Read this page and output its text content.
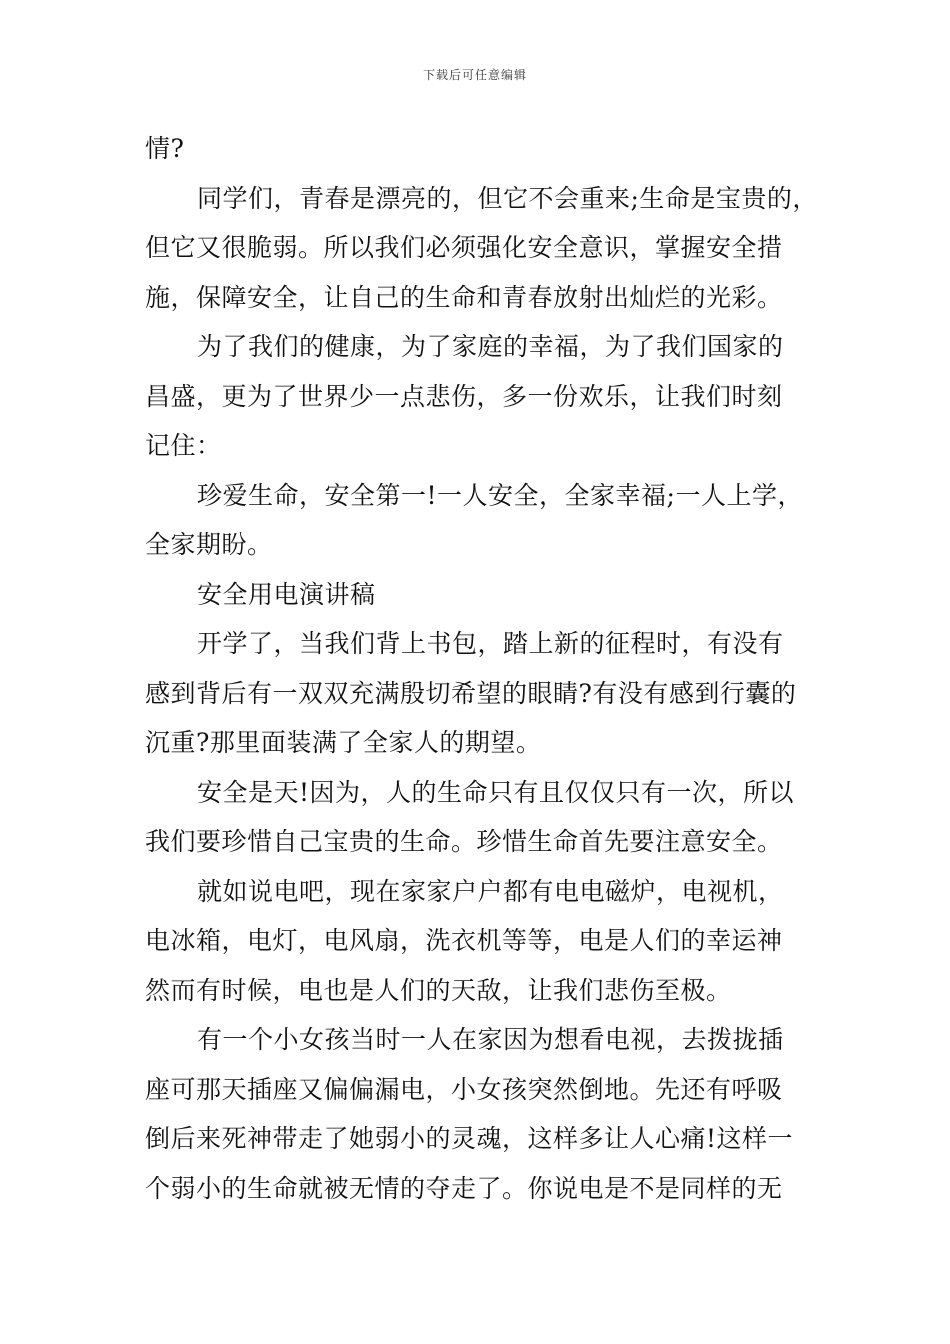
下载后可任意编辑

情?

同学们，青春是漂亮的，但它不会重来;生命是宝贵的，

但它又很脆弱。所以我们必须强化安全意识，掌握安全措

施，保障安全，让自己的生命和青春放射出灿烂的光彩。

为了我们的健康，为了家庭的幸福，为了我们国家的

昌盛，更为了世界少一点悲伤，多一份欢乐，让我们时刻

记住：

珍爱生命，安全第一!一人安全，全家幸福;一人上学，

全家期盼。

安全用电演讲稿

开学了，当我们背上书包，踏上新的征程时，有没有

感到背后有一双双充满殷切希望的眼睛?有没有感到行囊的

沉重?那里面装满了全家人的期望。

安全是天!因为，人的生命只有且仅仅只有一次，所以

我们要珍惜自己宝贵的生命。珍惜生命首先要注意安全。

就如说电吧，现在家家户户都有电电磁炉，电视机，

电冰箱，电灯，电风扇，洗衣机等等，电是人们的幸运神

然而有时候，电也是人们的天敌，让我们悲伤至极。

有一个小女孩当时一人在家因为想看电视，去拨拢插

座可那天插座又偏偏漏电，小女孩突然倒地。先还有呼吸

倒后来死神带走了她弱小的灵魂，这样多让人心痛!这样一

个弱小的生命就被无情的夺走了。你说电是不是同样的无
